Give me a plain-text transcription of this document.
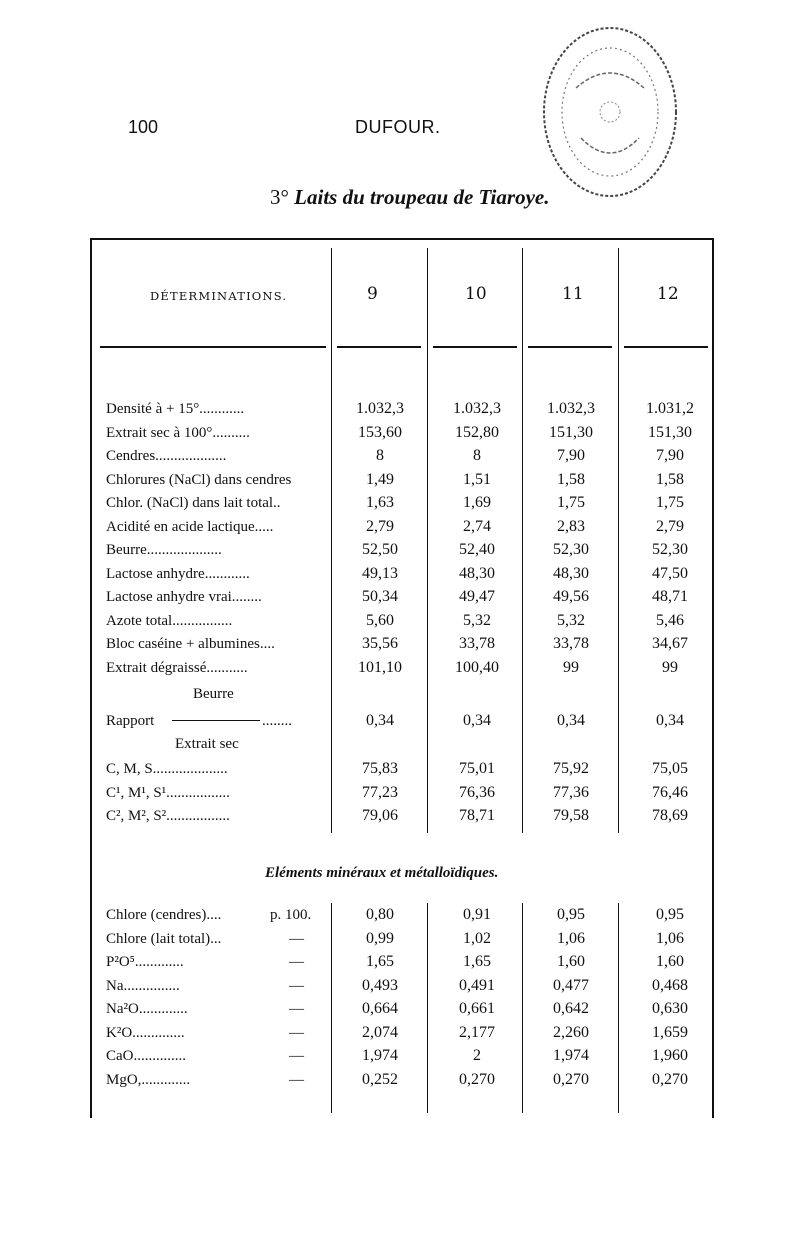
100	DUFOUR.
3° Laits du troupeau de Tiaroye.
DÉTERMINATIONS.	9	10	11	12
Densité à + 15°............	1.032,3	1.032,3	1.032,3	1.031,2
Extrait sec à 100°..........	153,60	152,80	151,30	151,30
Cendres...................	8	8	7,90	7,90
Chlorures (NaCl) dans cendres	1,49	1,51	1,58	1,58
Chlor. (NaCl) dans lait total..	1,63	1,69	1,75	1,75
Acidité en acide lactique.....	2,79	2,74	2,83	2,79
Beurre....................	52,50	52,40	52,30	52,30
Lactose anhydre............	49,13	48,30	48,30	47,50
Lactose anhydre vrai........	50,34	49,47	49,56	48,71
Azote total................	5,60	5,32	5,32	5,46
Bloc caséine + albumines....	35,56	33,78	33,78	34,67
Extrait dégraissé...........	101,10	100,40	99	99
Beurre
Rapport	........	0,34	0,34	0,34	0,34
Extrait sec
C, M, S....................	75,83	75,01	75,92	75,05
C¹, M¹, S¹.................	77,23	76,36	77,36	76,46
C², M², S².................	79,06	78,71	79,58	78,69
Eléments minéraux et métalloïdiques.
Chlore (cendres)....	p. 100.	0,80	0,91	0,95	0,95
Chlore (lait total)...	—	0,99	1,02	1,06	1,06
P²O⁵.............	—	1,65	1,65	1,60	1,60
Na...............	—	0,493	0,491	0,477	0,468
Na²O.............	—	0,664	0,661	0,642	0,630
K²O..............	—	2,074	2,177	2,260	1,659
CaO..............	—	1,974	2	1,974	1,960
MgO,.............	—	0,252	0,270	0,270	0,270
